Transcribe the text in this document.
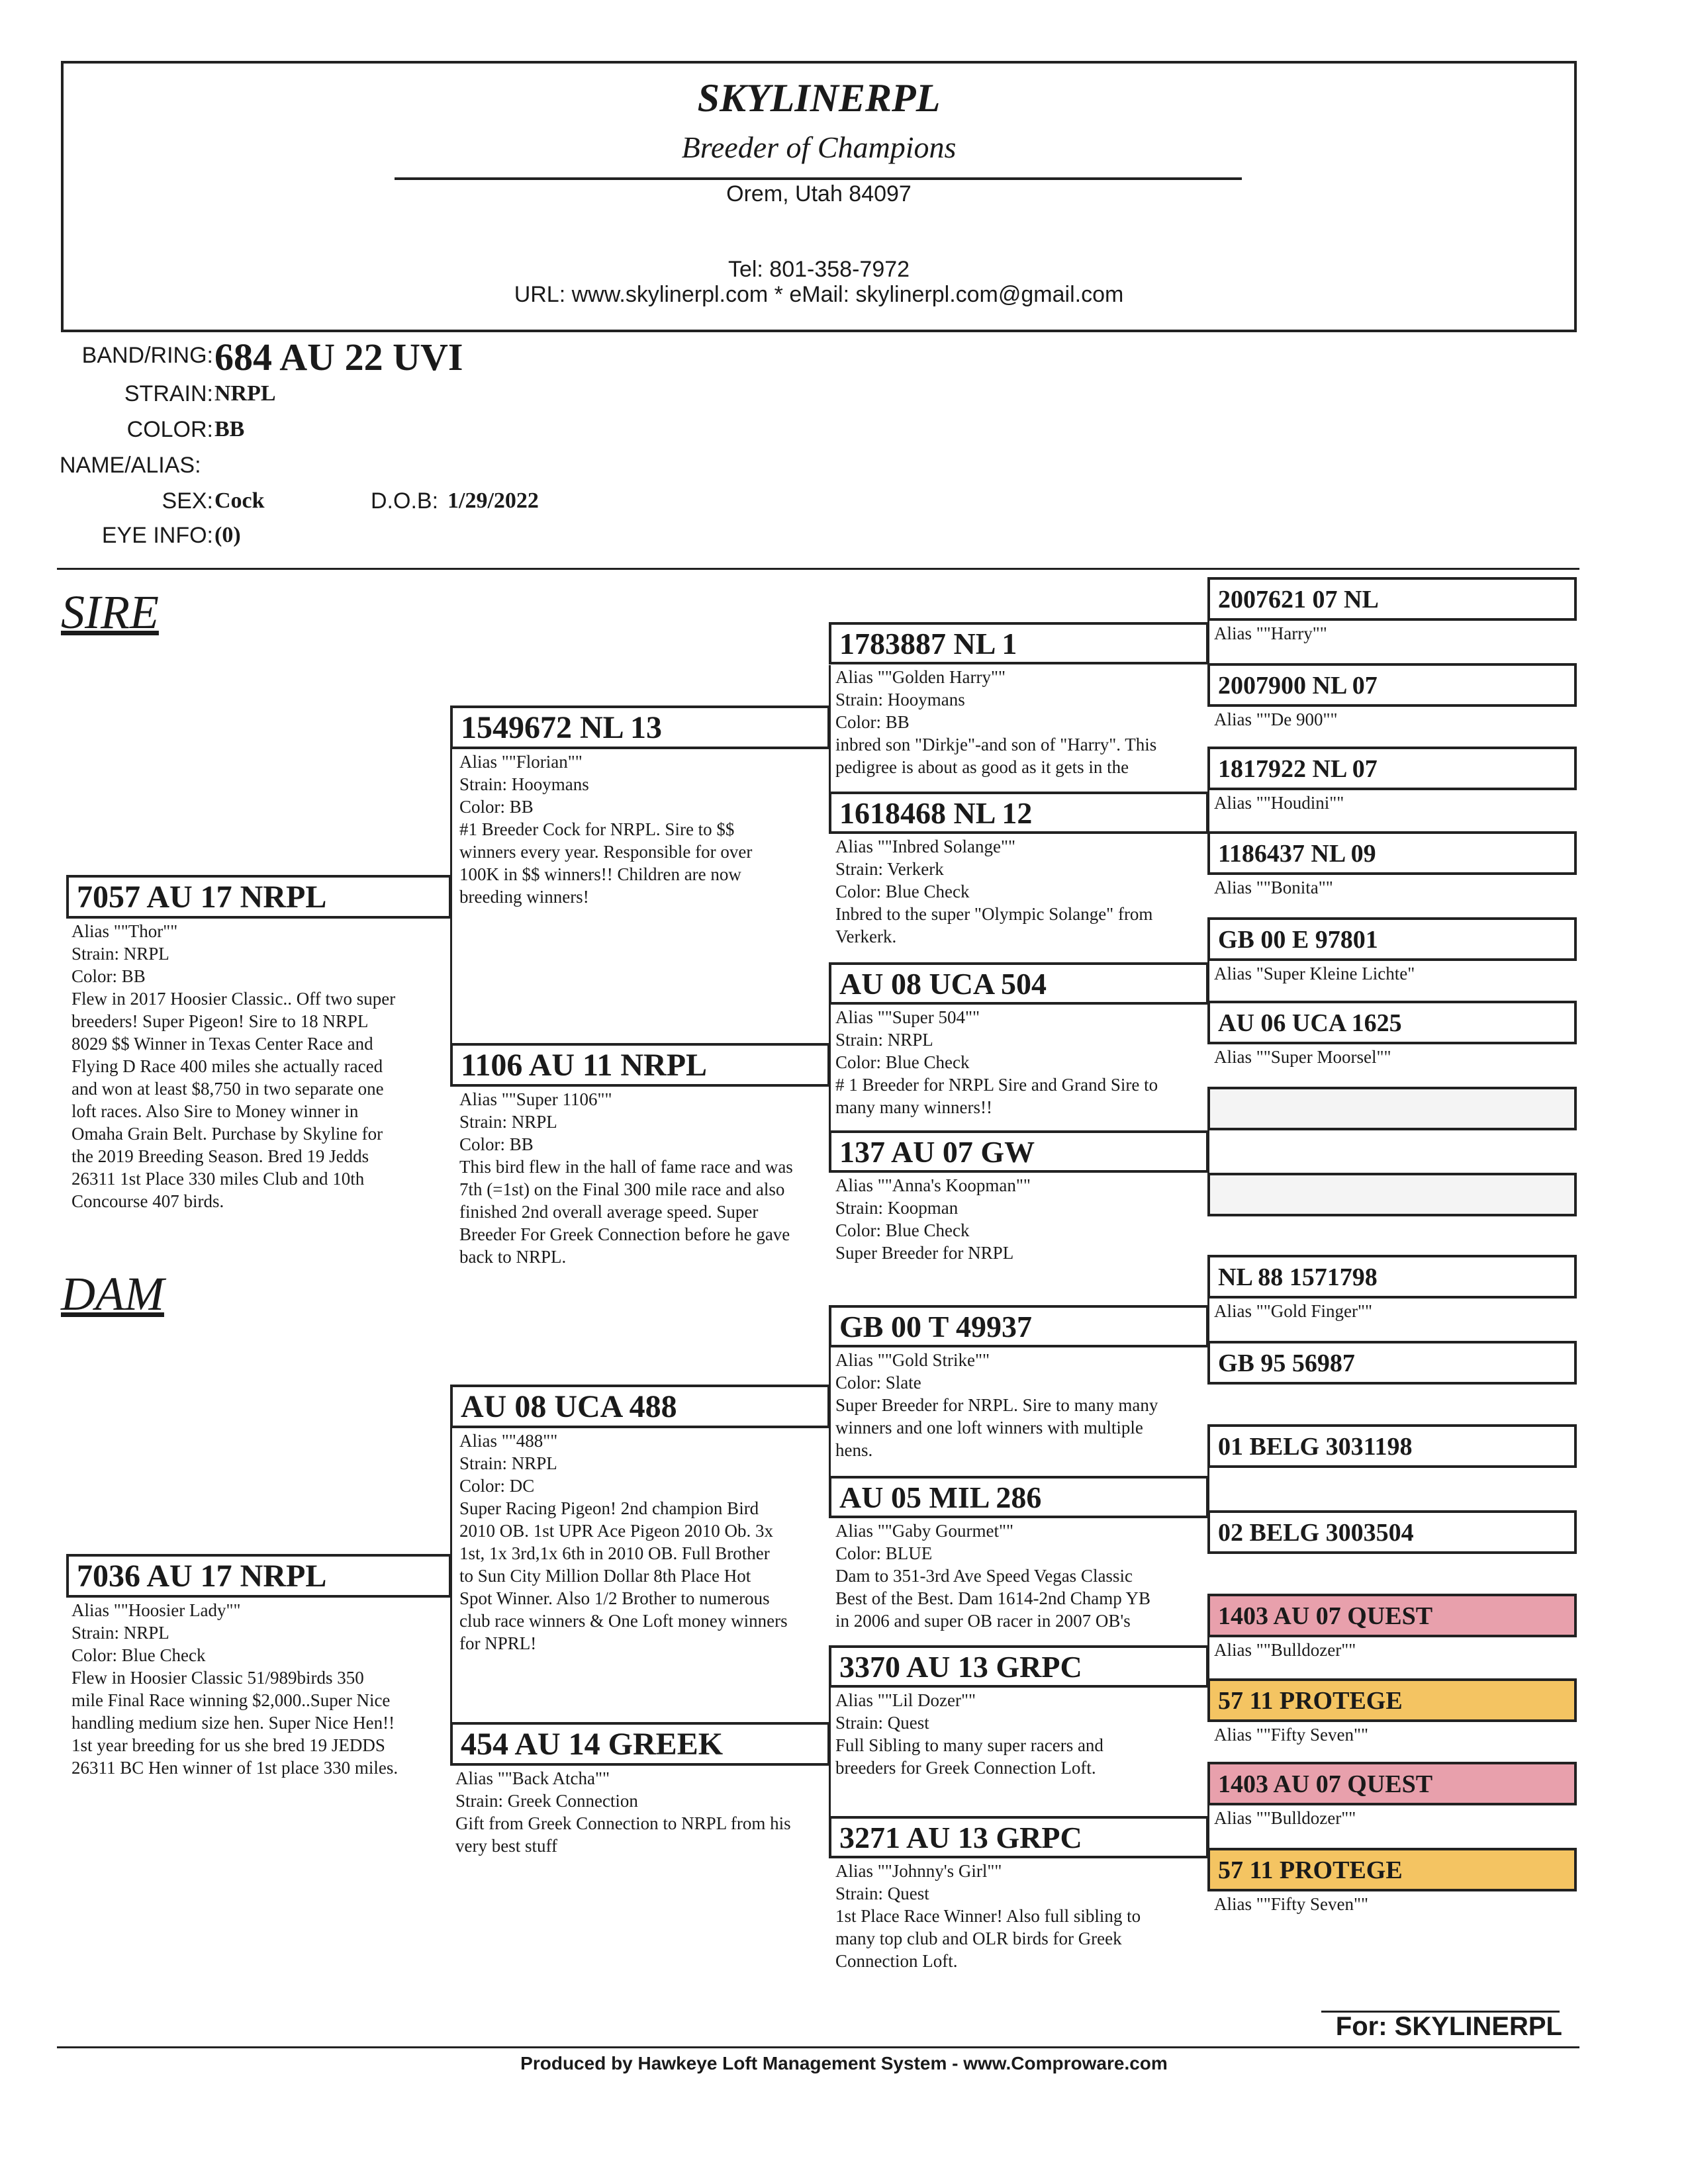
SKYLINERPL
Breeder of Champions
Orem, Utah 84097
Tel: 801-358-7972
URL: www.skylinerpl.com * eMail: skylinerpl.com@gmail.com
BAND/RING: 684 AU 22 UVI
STRAIN: NRPL
COLOR: BB
NAME/ALIAS:
SEX: Cock	D.O.B: 1/29/2022
EYE INFO: (0)
SIRE
DAM
7057 AU 17 NRPL
Alias ""Thor""
Strain: NRPL
Color: BB
Flew in 2017 Hoosier Classic.. Off two super
breeders! Super Pigeon! Sire to 18 NRPL
8029 $$ Winner in Texas Center Race and
Flying D Race 400 miles she actually raced
and won at least $8,750 in two separate one
loft races. Also Sire to Money winner in
Omaha Grain Belt. Purchase by Skyline for
the 2019 Breeding Season. Bred 19 Jedds
26311 1st Place 330 miles Club and 10th
Concourse 407 birds.
7036 AU 17 NRPL
Alias ""Hoosier Lady""
Strain: NRPL
Color: Blue Check
Flew in Hoosier Classic 51/989birds 350
mile Final Race winning $2,000..Super Nice
handling medium size hen. Super Nice Hen!!
1st year breeding for us she bred 19 JEDDS
26311 BC Hen winner of 1st place 330 miles.
1549672 NL 13
Alias ""Florian""
Strain: Hooymans
Color: BB
#1 Breeder Cock for NRPL. Sire to $$
winners every year. Responsible for over
100K in $$ winners!! Children are now
breeding winners!
1106 AU 11 NRPL
Alias ""Super 1106""
Strain: NRPL
Color: BB
This bird flew in the hall of fame race and was
7th (=1st) on the Final 300 mile race and also
finished 2nd overall average speed. Super
Breeder For Greek Connection before he gave
back to NRPL.
AU 08 UCA 488
Alias ""488""
Strain: NRPL
Color: DC
Super Racing Pigeon! 2nd champion Bird
2010 OB. 1st UPR Ace Pigeon 2010 Ob. 3x
1st, 1x 3rd,1x 6th in 2010 OB. Full Brother
to Sun City Million Dollar 8th Place Hot
Spot Winner. Also 1/2 Brother to numerous
club race winners & One Loft money winners
for NPRL!
454 AU 14 GREEK
Alias ""Back Atcha""
Strain: Greek Connection
Gift from Greek Connection to NRPL from his
very best stuff
1783887 NL 1
Alias ""Golden Harry""
Strain: Hooymans
Color: BB
inbred son "Dirkje"-and son of "Harry". This
pedigree is about as good as it gets in the
1618468 NL 12
Alias ""Inbred Solange""
Strain: Verkerk
Color: Blue Check
Inbred to the super "Olympic Solange" from
Verkerk.
AU 08 UCA 504
Alias ""Super 504""
Strain: NRPL
Color: Blue Check
# 1 Breeder for NRPL Sire and Grand Sire to
many many winners!!
137 AU 07 GW
Alias ""Anna's Koopman""
Strain: Koopman
Color: Blue Check
Super Breeder for NRPL
GB 00 T 49937
Alias ""Gold Strike""
Color: Slate
Super Breeder for NRPL. Sire to many many
winners and one loft winners with multiple
hens.
AU 05 MIL 286
Alias ""Gaby Gourmet""
Color: BLUE
Dam to 351-3rd Ave Speed Vegas Classic
Best of the Best. Dam 1614-2nd Champ YB
in 2006 and super OB racer in 2007 OB's
3370 AU 13 GRPC
Alias ""Lil Dozer""
Strain: Quest
Full Sibling to many super racers and
breeders for Greek Connection Loft.
3271 AU 13 GRPC
Alias ""Johnny's Girl""
Strain: Quest
1st Place Race Winner! Also full sibling to
many top club and OLR birds for Greek
Connection Loft.
2007621 07 NL
Alias ""Harry""
2007900 NL 07
Alias ""De 900""
1817922 NL 07
Alias ""Houdini""
1186437 NL 09
Alias ""Bonita""
GB 00 E 97801
Alias "Super Kleine Lichte"
AU 06 UCA 1625
Alias ""Super Moorsel""
NL 88 1571798
Alias ""Gold Finger""
GB 95 56987
01 BELG 3031198
02 BELG 3003504
1403 AU 07 QUEST
Alias ""Bulldozer""
57 11 PROTEGE
Alias ""Fifty Seven""
1403 AU 07 QUEST
Alias ""Bulldozer""
57 11 PROTEGE
Alias ""Fifty Seven""
For: SKYLINERPL
Produced by Hawkeye Loft Management System - www.Comproware.com
